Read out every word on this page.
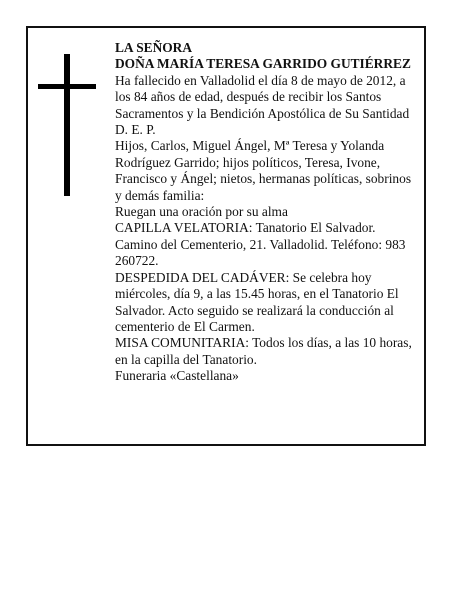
LA SEÑORA

DOÑA MARÍA TERESA GARRIDO GUTIÉRREZ

Ha fallecido en Valladolid el día 8 de mayo de 2012, a los 84 años de edad, después de recibir los Santos Sacramentos y la Bendición Apostólica de Su Santidad

D. E. P.

Hijos, Carlos, Miguel Ángel, Mª Teresa y Yolanda Rodríguez Garrido; hijos políticos, Teresa, Ivone, Francisco y Ángel; nietos, hermanas políticas, sobrinos y demás familia:

Ruegan una oración por su alma

CAPILLA VELATORIA: Tanatorio El Salvador. Camino del Cementerio, 21. Valladolid. Teléfono: 983 260722.

DESPEDIDA DEL CADÁVER: Se celebra hoy miércoles, día 9, a las 15.45 horas, en el Tanatorio El Salvador. Acto seguido se realizará la conducción al cementerio de El Carmen.

MISA COMUNITARIA: Todos los días, a las 10 horas, en la capilla del Tanatorio.

Funeraria «Castellana»
